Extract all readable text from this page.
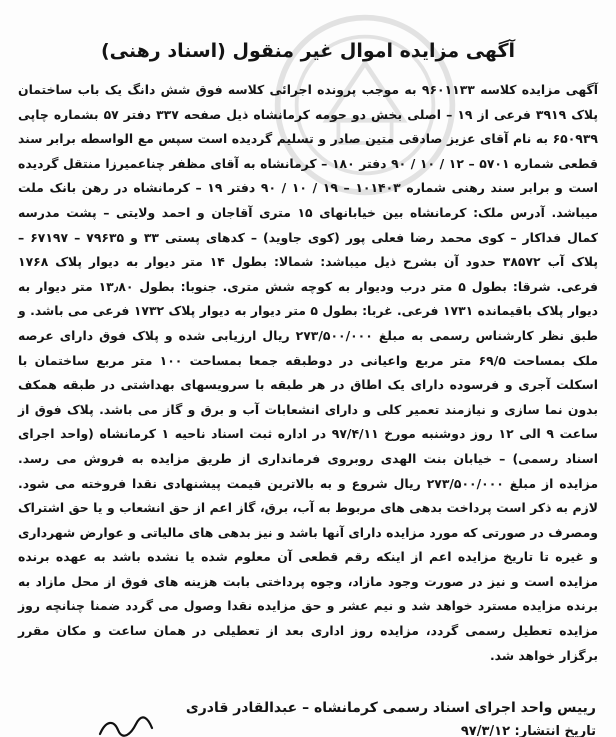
آگهی مزایده اموال غیر منقول (اسناد رهنی)

آگهی مزایده کلاسه ۹۶۰۱۱۳۳ به موجب پرونده اجرائی کلاسه فوق شش دانگ یک باب ساختمان پلاک ۳۹۱۹ فرعی از ۱۹ – اصلی بخش دو حومه کرمانشاه ذیل صفحه ۳۳۷ دفتر ۵۷ بشماره چاپی ۶۵۰۹۳۹ به نام آقای عزیز صادقی متین صادر و تسلیم گردیده است سپس مع الواسطه برابر سند قطعی شماره ۵۷۰۱ – ۱۲ / ۱۰ / ۹۰ دفتر ۱۸۰ – کرمانشاه به آقای مظفر چناعمیرزا منتقل گردیده است و برابر سند رهنی شماره ۱۰۱۴۰۳ – ۱۹ / ۱۰ / ۹۰ دفتر ۱۹ – کرمانشاه در رهن بانک ملت میباشد. آدرس ملک: کرمانشاه بین خیابانهای ۱۵ متری آقاجان و احمد ولایتی – پشت مدرسه کمال فداکار – کوی محمد رضا فعلی پور (کوی جاوید) – کدهای پستی ۳۳ و ۷۹۶۳۵ – ۶۷۱۹۷ – پلاک آب ۳۸۵۷۲ حدود آن بشرح ذیل میباشد: شمالا: بطول ۱۴ متر دیوار به دیوار پلاک ۱۷۶۸ فرعی. شرقا: بطول ۵ متر درب ودیوار به کوچه شش متری. جنوبا: بطول ۱۳٫۸۰ متر دیوار به دیوار پلاک باقیمانده ۱۷۳۱ فرعی. غربا: بطول ۵ متر دیوار به دیوار پلاک ۱۷۳۲ فرعی می باشد. و طبق نظر کارشناس رسمی به مبلغ ۲۷۳/۵۰۰/۰۰۰ ریال ارزیابی شده و پلاک فوق دارای عرصه ملک بمساحت ۶۹/۵ متر مربع واعیانی در دوطبقه جمعا بمساحت ۱۰۰ متر مربع ساختمان با اسکلت آجری و فرسوده دارای یک اطاق در هر طبقه با سرویسهای بهداشتی در طبقه همکف بدون نما سازی و نیازمند تعمیر کلی و دارای انشعابات آب و برق و گاز می باشد. پلاک فوق از ساعت ۹ الی ۱۲ روز دوشنبه مورخ ۹۷/۴/۱۱ در اداره ثبت اسناد ناحیه ۱ کرمانشاه (واحد اجرای اسناد رسمی) – خیابان بنت الهدی روبروی فرمانداری از طریق مزایده به فروش می رسد. مزایده از مبلغ ۲۷۳/۵۰۰/۰۰۰ ریال شروع و به بالاترین قیمت پیشنهادی نقدا فروخته می شود. لازم به ذکر است پرداخت بدهی های مربوط به آب، برق، گاز اعم از حق انشعاب و یا حق اشتراک ومصرف در صورتی که مورد مزایده دارای آنها باشد و نیز بدهی های مالیاتی و عوارض شهرداری و غیره تا تاریخ مزایده اعم از اینکه رقم قطعی آن معلوم شده یا نشده باشد به عهده برنده مزایده است و نیز در صورت وجود مازاد، وجوه پرداختی بابت هزینه های فوق از محل مازاد به برنده مزایده مسترد خواهد شد و نیم عشر و حق مزایده نقدا وصول می گردد ضمنا چنانچه روز مزایده تعطیل رسمی گردد، مزایده روز اداری بعد از تعطیلی در همان ساعت و مکان مقرر برگزار خواهد شد.

رییس واحد اجرای اسناد رسمی کرمانشاه – عبدالقادر قادری

تاریخ انتشار: ۹۷/۳/۱۲
